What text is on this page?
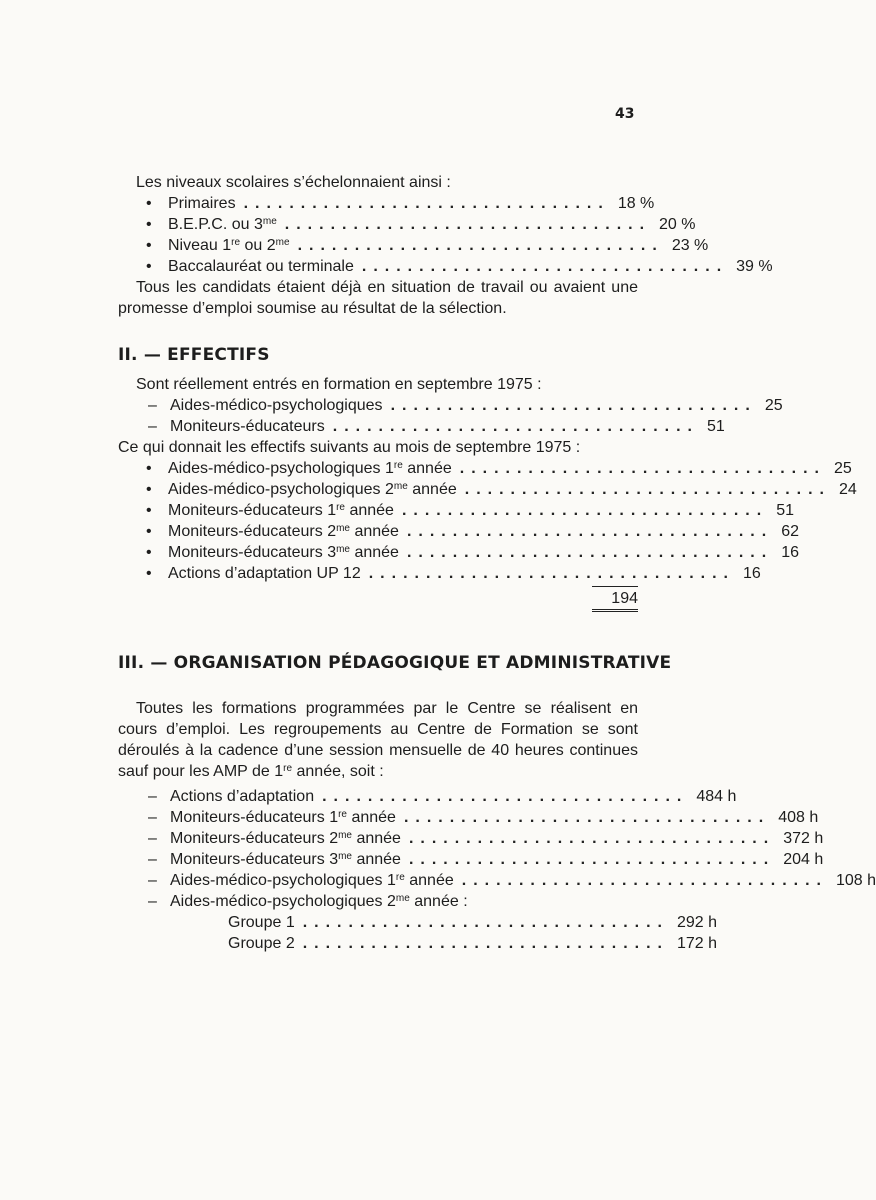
43
Les niveaux scolaires s’échelonnaient ainsi :
•	Primaires ................................ 18 %
•	B.E.P.C. ou $3^{me}$ ................................ 20 %
•	Niveau 1re ou $2^{me}$ ................................ 23 %
•	Baccalauréat ou terminale ................................ 39 %

Tous les candidats étaient déjà en situation de travail ou avaient une promesse d’emploi soumise au résultat de la sélection.

II. — EFFECTIFS
Sont réellement entrés en formation en septembre 1975 :
– Aides-médico-psychologiques ................................ 25
– Moniteurs-éducateurs ................................ 51
Ce qui donnait les effectifs suivants au mois de septembre 1975 :
•	Aides-médico-psychologiques 1re année ................................ 25
•	Aides-médico-psychologiques $2^{me}$ année ................................ 24
•	Moniteurs-éducateurs 1re année ................................ 51
•	Moniteurs-éducateurs $2^{me}$ année ................................ 62
•	Moniteurs-éducateurs $3^{me}$ année ................................ 16
•	Actions d’adaptation UP 12 ................................ 16
194
III. — ORGANISATION PÉDAGOGIQUE ET ADMINISTRATIVE

Toutes les formations programmées par le Centre se réalisent en cours d’emploi. Les regroupements au Centre de Formation se sont déroulés à la cadence d’une session mensuelle de 40 heures continues sauf pour les AMP de 1re année, soit :

– Actions d’adaptation ................................ 484 h
– Moniteurs-éducateurs 1re année ................................ 408 h
– Moniteurs-éducateurs $2^{me}$ année ................................ 372 h
– Moniteurs-éducateurs $3^{me}$ année ................................ 204 h
– Aides-médico-psychologiques 1re année ................................ 108 h
– Aides-médico-psychologiques $2^{me}$ année :
Groupe 1 ................................ 292 h
Groupe 2 ................................ 172 h
